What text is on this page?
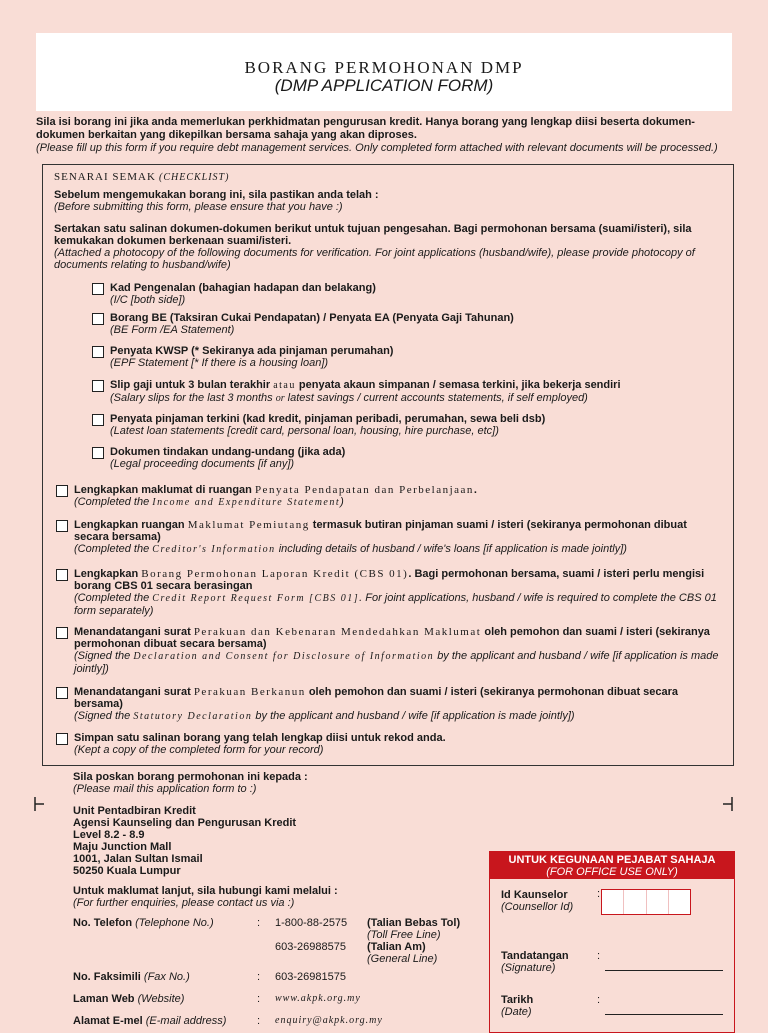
BORANG PERMOHONAN DMP
(DMP APPLICATION FORM)
Sila isi borang ini jika anda memerlukan perkhidmatan pengurusan kredit. Hanya borang yang lengkap diisi beserta dokumen-dokumen berkaitan yang dikepilkan bersama sahaja yang akan diproses.
(Please fill up this form if you require debt management services. Only completed form attached with relevant documents will be processed.)
SENARAI SEMAK (CHECKLIST)
Sebelum mengemukakan borang ini, sila pastikan anda telah :
(Before submitting this form, please ensure that you have :)
Sertakan satu salinan dokumen-dokumen berikut untuk tujuan pengesahan. Bagi permohonan bersama (suami/isteri), sila kemukakan dokumen berkenaan suami/isteri.
(Attached a photocopy of the following documents for verification. For joint applications (husband/wife), please provide photocopy of documents relating to husband/wife)
Kad Pengenalan (bahagian hadapan dan belakang)
(I/C [both side])
Borang BE (Taksiran Cukai Pendapatan) / Penyata EA (Penyata Gaji Tahunan)
(BE Form /EA Statement)
Penyata KWSP (* Sekiranya ada pinjaman perumahan)
(EPF Statement [* If there is a housing loan])
Slip gaji untuk 3 bulan terakhir atau penyata akaun simpanan / semasa terkini, jika bekerja sendiri
(Salary slips for the last 3 months or latest savings / current accounts statements, if self employed)
Penyata pinjaman terkini (kad kredit, pinjaman peribadi, perumahan, sewa beli dsb)
(Latest loan statements [credit card, personal loan, housing, hire purchase, etc])
Dokumen tindakan undang-undang (jika ada)
(Legal proceeding documents [if any])
Lengkapkan maklumat di ruangan Penyata Pendapatan dan Perbelanjaan.
(Completed the Income and Expenditure Statement)
Lengkapkan ruangan Maklumat Pemiutang termasuk butiran pinjaman suami / isteri (sekiranya permohonan dibuat secara bersama)
(Completed the Creditor's Information including details of husband / wife's loans [if application is made jointly])
Lengkapkan Borang Permohonan Laporan Kredit (CBS 01). Bagi permohonan bersama, suami / isteri perlu mengisi borang CBS 01 secara berasingan
(Completed the Credit Report Request Form [CBS 01]. For joint applications, husband / wife is required to complete the CBS 01 form separately)
Menandatangani surat Perakuan dan Kebenaran Mendedahkan Maklumat oleh pemohon dan suami / isteri (sekiranya permohonan dibuat secara bersama)
(Signed the Declaration and Consent for Disclosure of Information by the applicant and husband / wife [if application is made jointly])
Menandatangani surat Perakuan Berkanun oleh pemohon dan suami / isteri (sekiranya permohonan dibuat secara bersama)
(Signed the Statutory Declaration by the applicant and husband / wife [if application is made jointly])
Simpan satu salinan borang yang telah lengkap diisi untuk rekod anda.
(Kept a copy of the completed form for your record)
Sila poskan borang permohonan ini kepada :
(Please mail this application form to :)
Unit Pentadbiran Kredit
Agensi Kaunseling dan Pengurusan Kredit
Level 8.2 - 8.9
Maju Junction Mall
1001, Jalan Sultan Ismail
50250 Kuala Lumpur
Untuk maklumat lanjut, sila hubungi kami melalui :
(For further enquiries, please contact us via :)
No. Telefon (Telephone No.)	: 1-800-88-2575 (Talian Bebas Tol)
(Toll Free Line)
603-26988575 (Talian Am)
(General Line)
No. Faksimili (Fax No.)	: 603-26981575
Laman Web (Website)	: www.akpk.org.my
Alamat E-mel (E-mail address)	: enquiry@akpk.org.my
UNTUK KEGUNAAN PEJABAT SAHAJA
(FOR OFFICE USE ONLY)
Id Kaunselor
(Counsellor Id)
:
Tandatangan
(Signature)
:
Tarikh
(Date)
:
